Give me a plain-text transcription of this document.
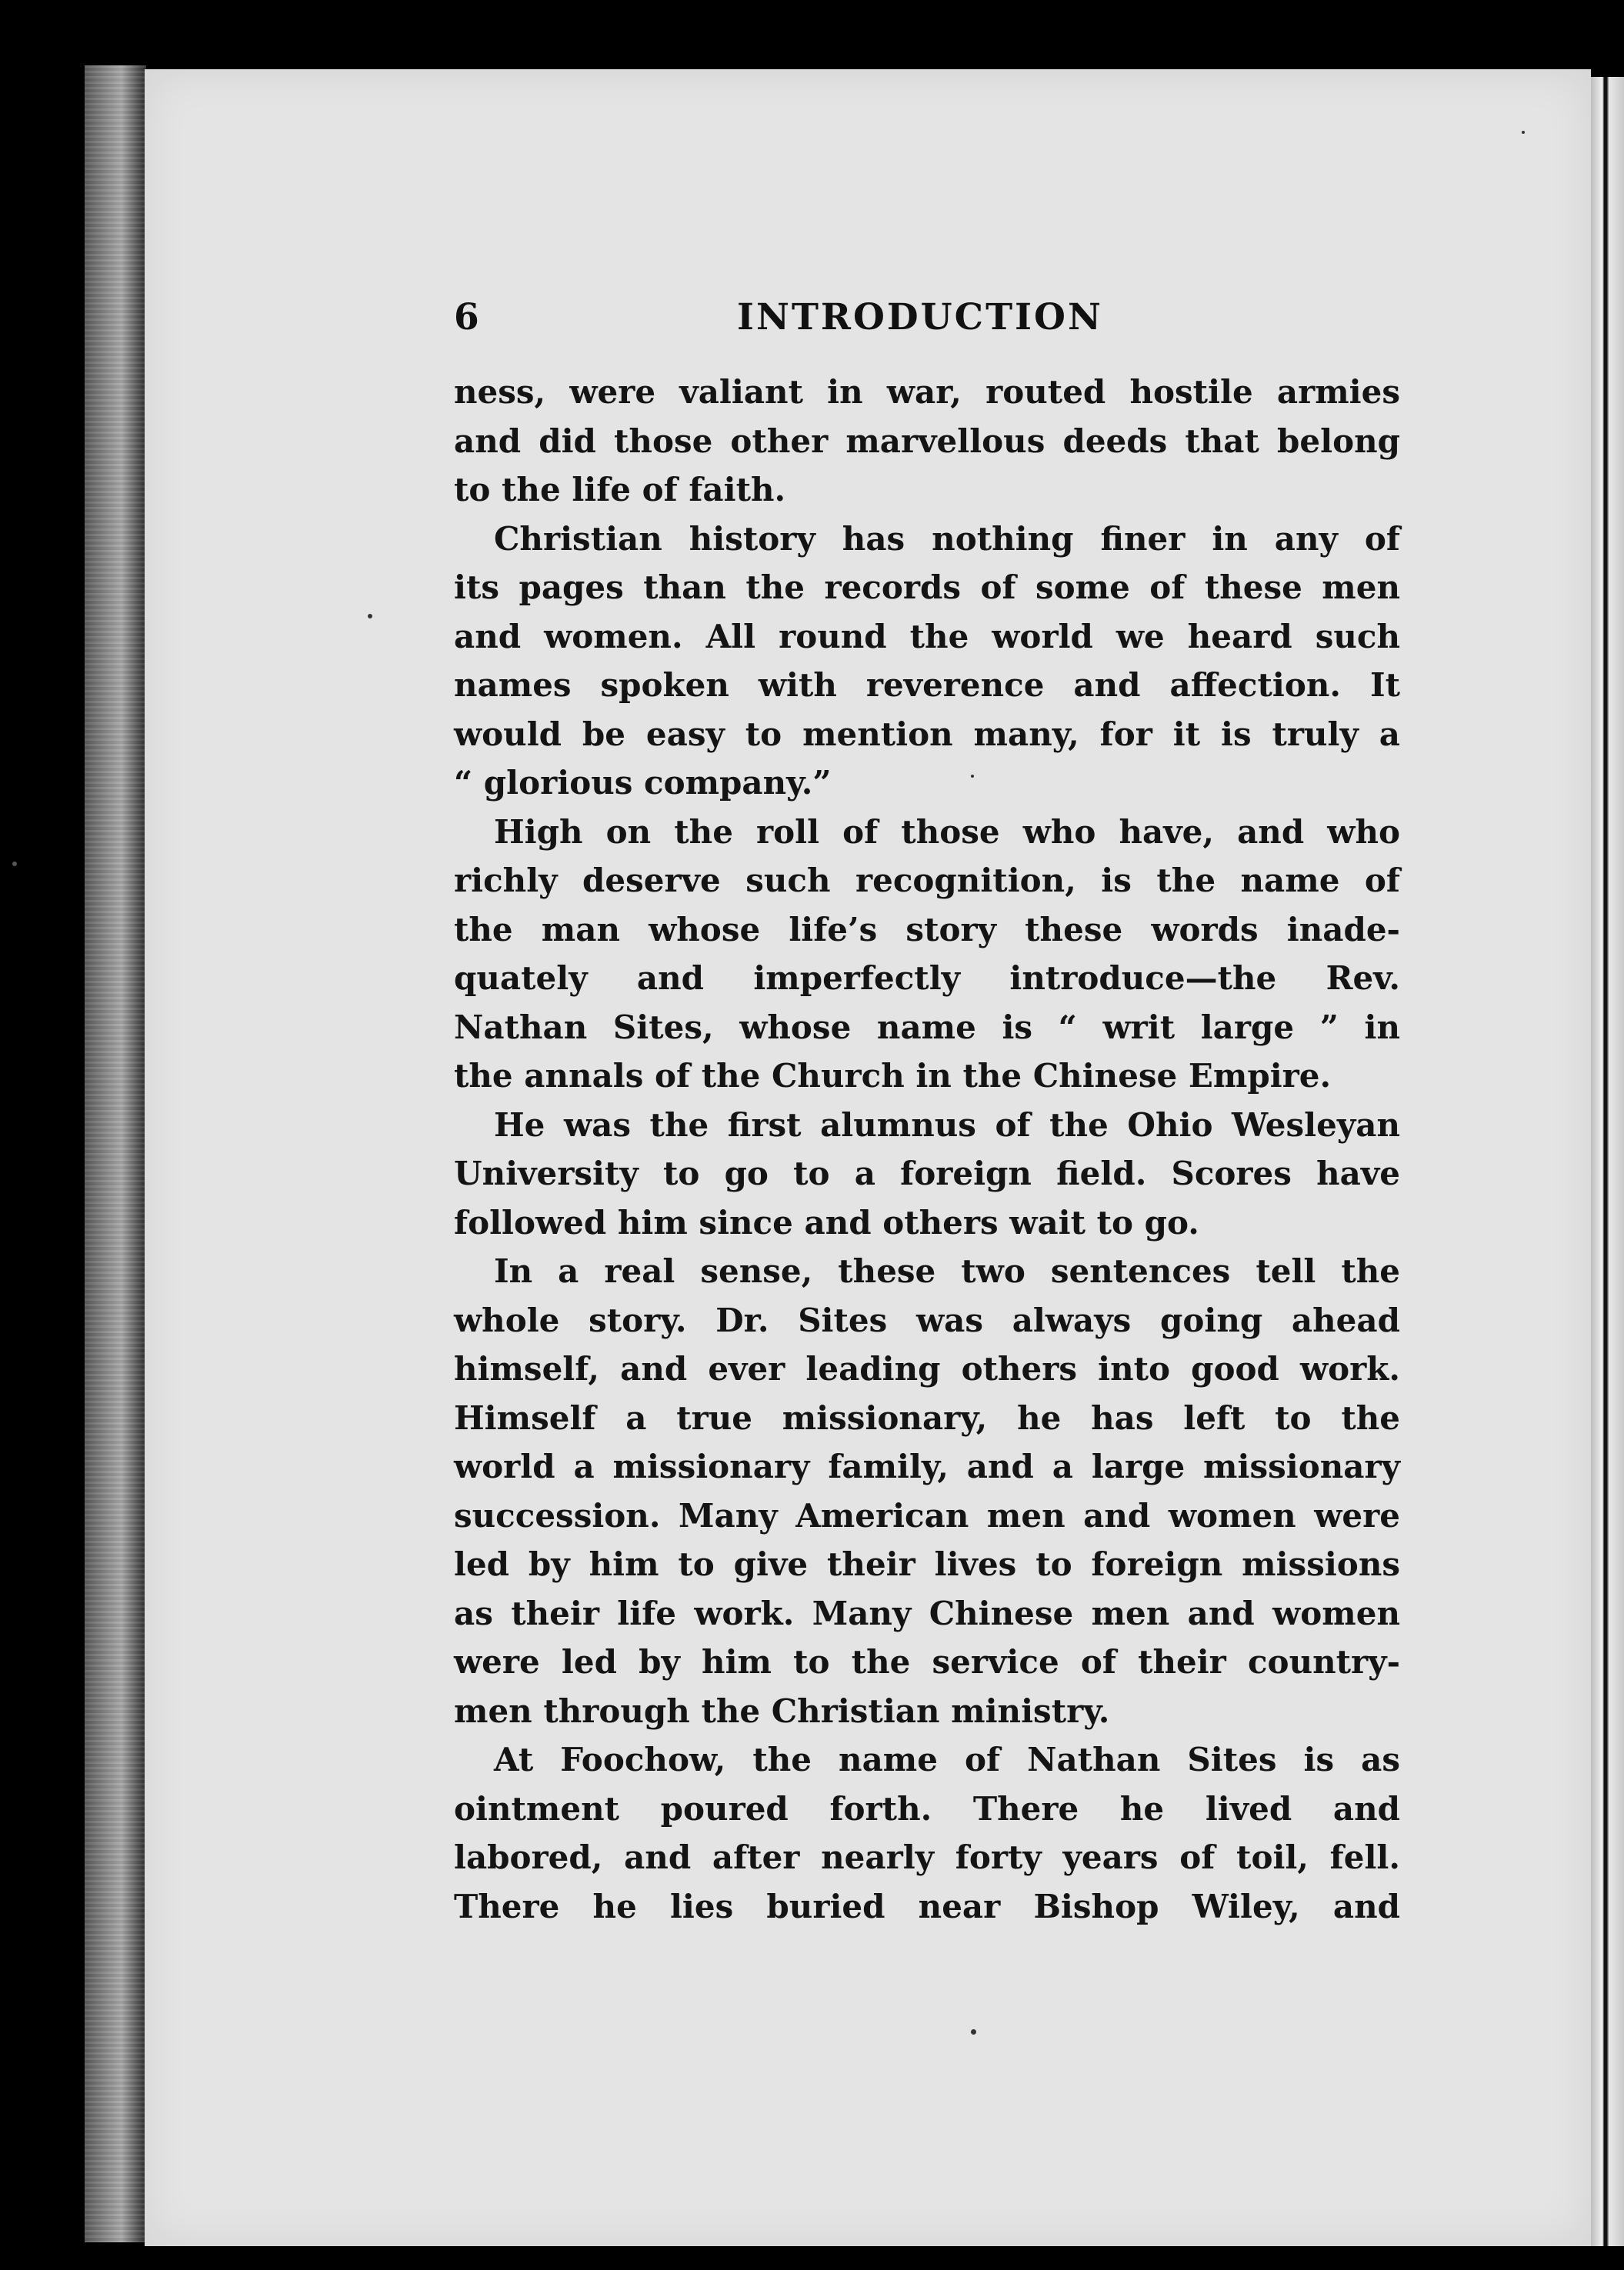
6	INTRODUCTION
ness, were valiant in war, routed hostile armies
and did those other marvellous deeds that belong
to the life of faith.
Christian history has nothing finer in any of
its pages than the records of some of these men
and women. All round the world we heard such
names spoken with reverence and affection. It
would be easy to mention many, for it is truly a
“ glorious company.”
High on the roll of those who have, and who
richly deserve such recognition, is the name of
the man whose life’s story these words inade-
quately and imperfectly introduce—the Rev.
Nathan Sites, whose name is “ writ large ” in
the annals of the Church in the Chinese Empire.
He was the first alumnus of the Ohio Wesleyan
University to go to a foreign field. Scores have
followed him since and others wait to go.
In a real sense, these two sentences tell the
whole story. Dr. Sites was always going ahead
himself, and ever leading others into good work.
Himself a true missionary, he has left to the
world a missionary family, and a large missionary
succession. Many American men and women were
led by him to give their lives to foreign missions
as their life work. Many Chinese men and women
were led by him to the service of their country-
men through the Christian ministry.
At Foochow, the name of Nathan Sites is as
ointment poured forth. There he lived and
labored, and after nearly forty years of toil, fell.
There he lies buried near Bishop Wiley, and
